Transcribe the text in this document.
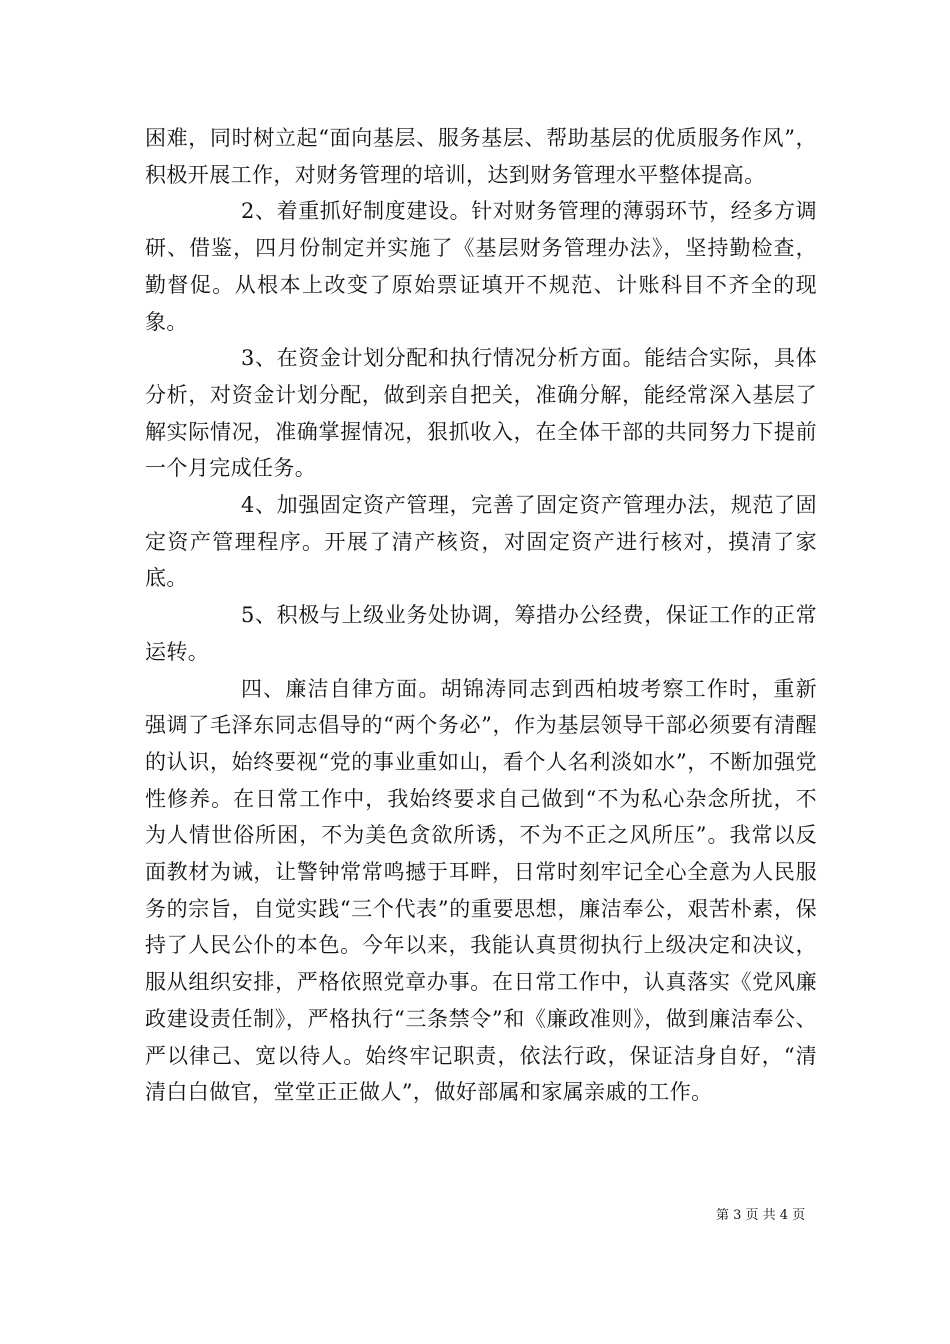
困难，同时树立起“面向基层、服务基层、帮助基层的优质服务作风”，积极开展工作，对财务管理的培训，达到财务管理水平整体提高。

2、着重抓好制度建设。针对财务管理的薄弱环节，经多方调研、借鉴，四月份制定并实施了《基层财务管理办法》，坚持勤检查，勤督促。从根本上改变了原始票证填开不规范、计账科目不齐全的现象。

3、在资金计划分配和执行情况分析方面。能结合实际，具体分析，对资金计划分配，做到亲自把关，准确分解，能经常深入基层了解实际情况，准确掌握情况，狠抓收入，在全体干部的共同努力下提前一个月完成任务。

4、加强固定资产管理，完善了固定资产管理办法，规范了固定资产管理程序。开展了清产核资，对固定资产进行核对，摸清了家底。

5、积极与上级业务处协调，筹措办公经费，保证工作的正常运转。

四、廉洁自律方面。胡锦涛同志到西柏坡考察工作时，重新强调了毛泽东同志倡导的“两个务必”，作为基层领导干部必须要有清醒的认识，始终要视“党的事业重如山，看个人名利淡如水”，不断加强党性修养。在日常工作中，我始终要求自己做到“不为私心杂念所扰，不为人情世俗所困，不为美色贪欲所诱，不为不正之风所压”。我常以反面教材为诫，让警钟常常鸣撼于耳畔，日常时刻牢记全心全意为人民服务的宗旨，自觉实践“三个代表”的重要思想，廉洁奉公，艰苦朴素，保持了人民公仆的本色。今年以来，我能认真贯彻执行上级决定和决议，服从组织安排，严格依照党章办事。在日常工作中，认真落实《党风廉政建设责任制》，严格执行“三条禁令”和《廉政准则》，做到廉洁奉公、严以律己、宽以待人。始终牢记职责，依法行政，保证洁身自好，“清清白白做官，堂堂正正做人”，做好部属和家属亲戚的工作。

第 3 页 共 4 页
